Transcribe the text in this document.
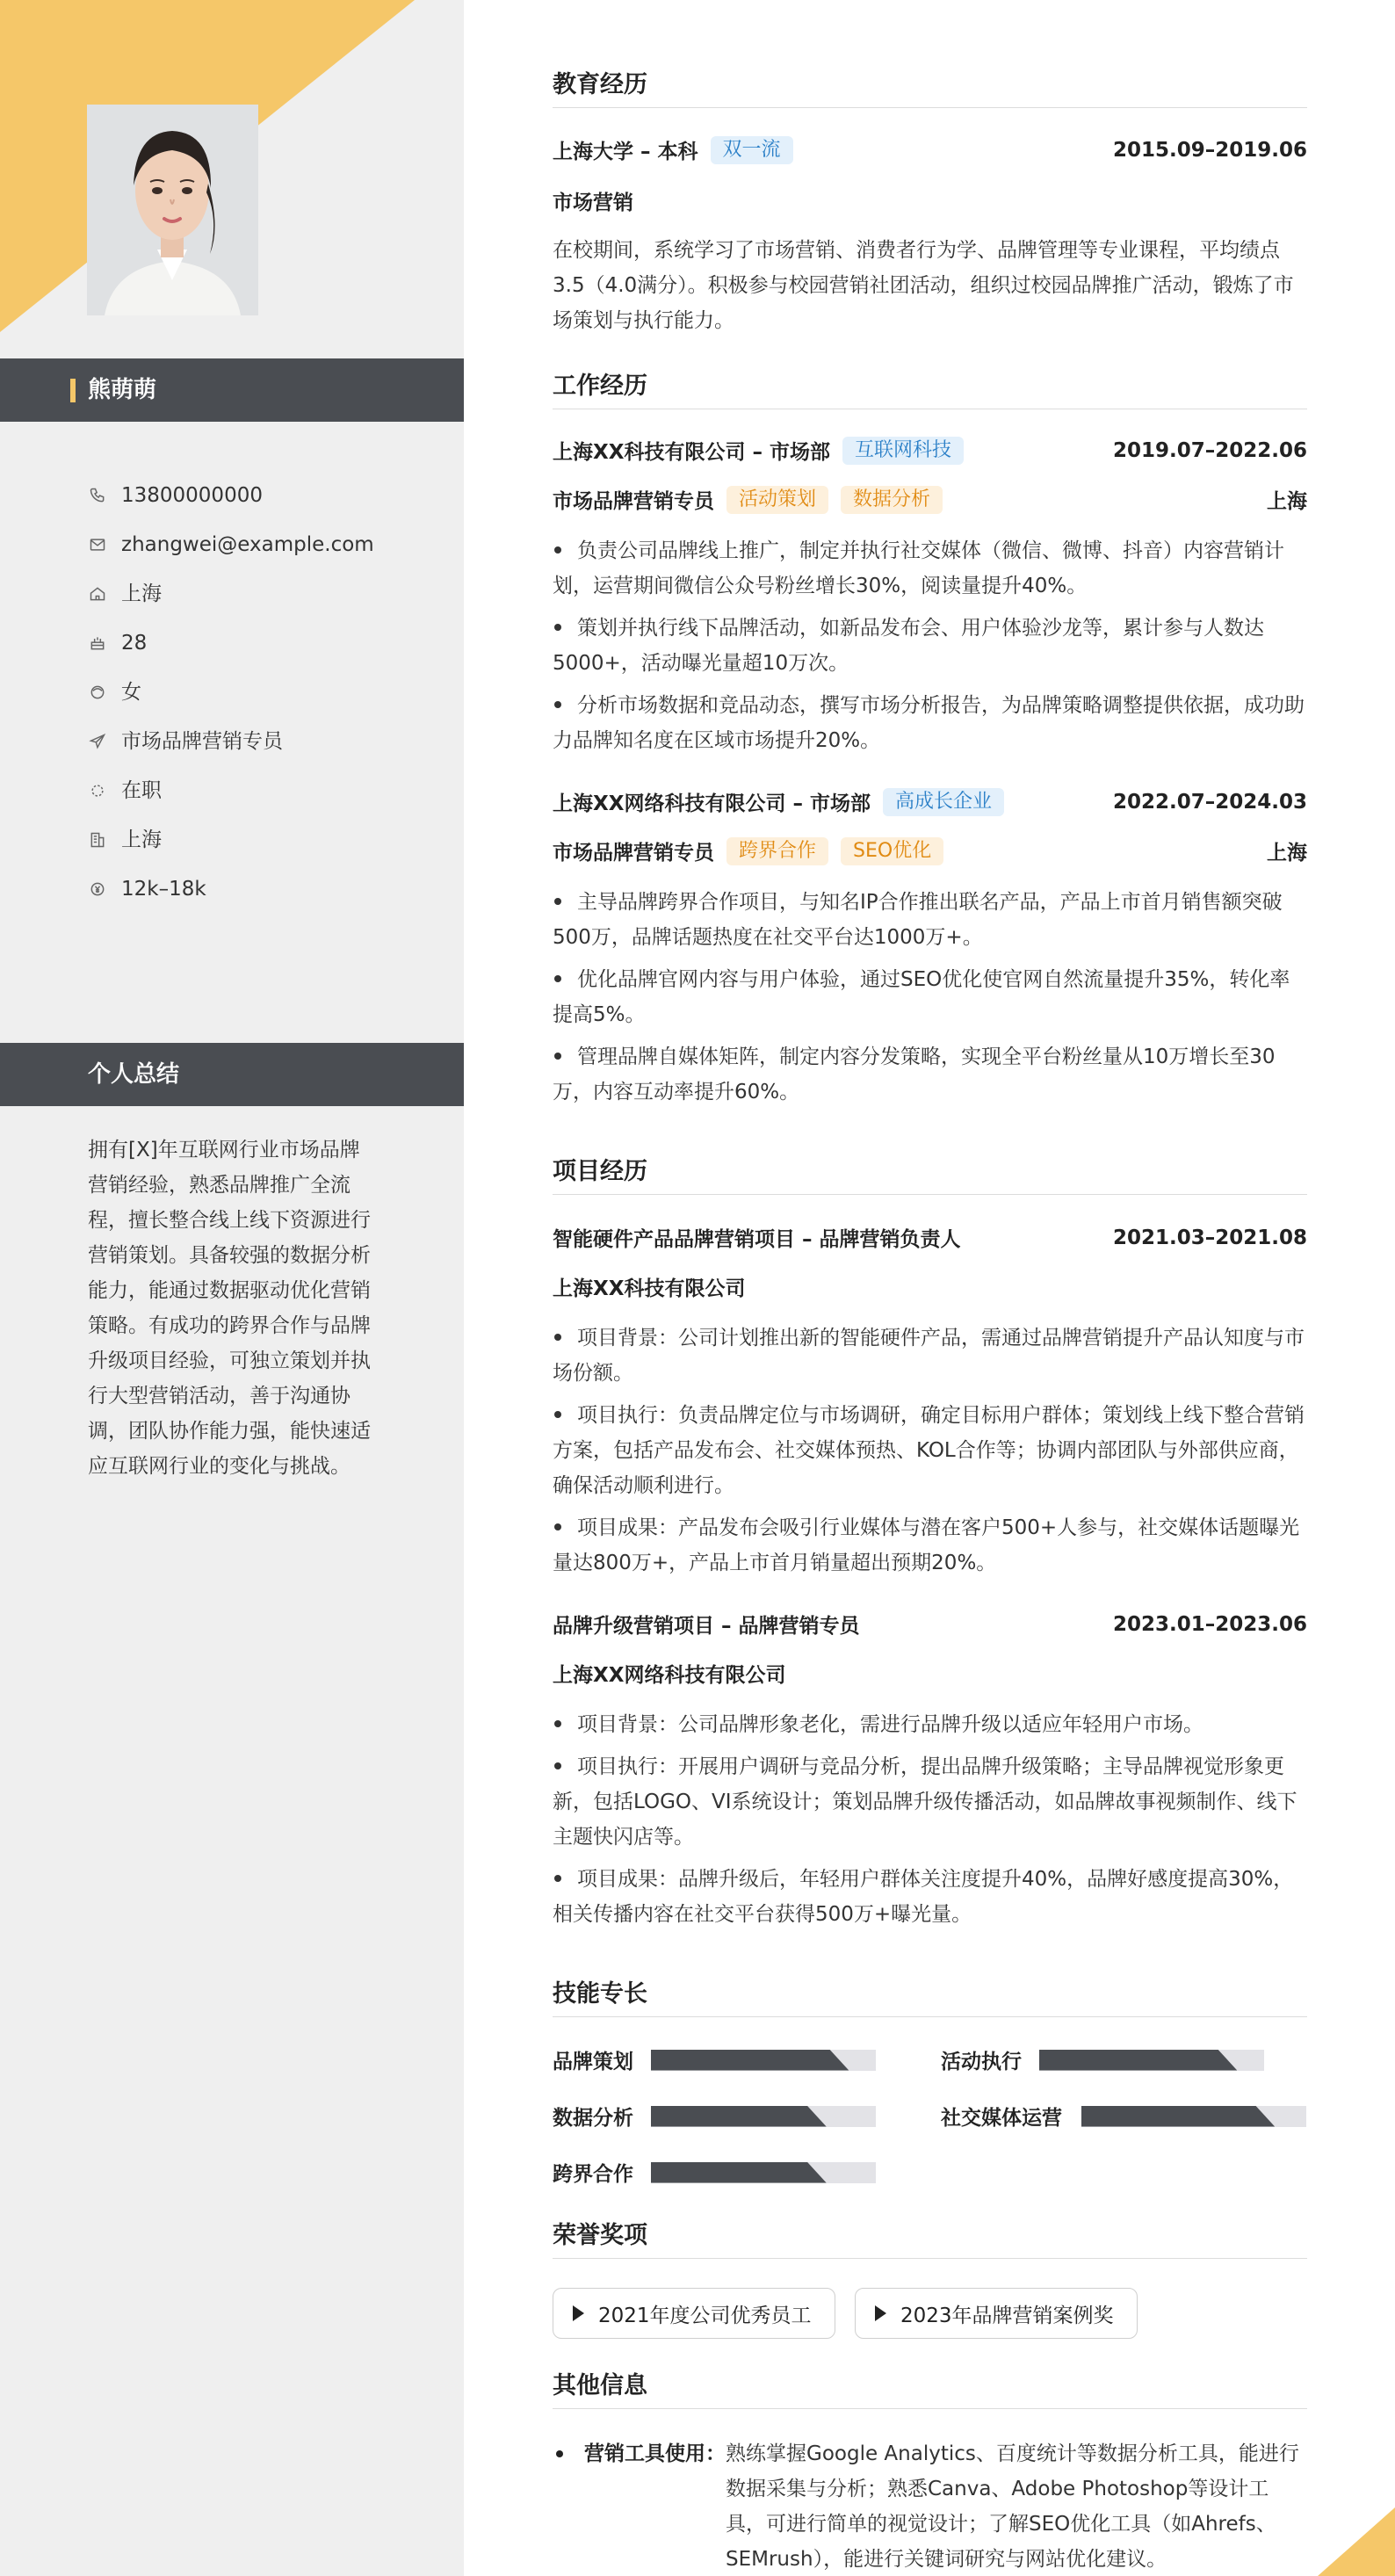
熊萌萌
13800000000
zhangwei@example.com
上海
28
女
市场品牌营销专员
在职
上海
12k–18k
个人总结
拥有[X]年互联网行业市场品牌营销经验，熟悉品牌推广全流程，擅长整合线上线下资源进行营销策划。具备较强的数据分析能力，能通过数据驱动优化营销策略。有成功的跨界合作与品牌升级项目经验，可独立策划并执行大型营销活动，善于沟通协调，团队协作能力强，能快速适应互联网行业的变化与挑战。
教育经历
上海大学 – 本科	双一流	2015.09–2019.06
市场营销
在校期间，系统学习了市场营销、消费者行为学、品牌管理等专业课程，平均绩点3.5（4.0满分）。积极参与校园营销社团活动，组织过校园品牌推广活动，锻炼了市场策划与执行能力。
工作经历
上海XX科技有限公司 – 市场部	互联网科技	2019.07–2022.06
市场品牌营销专员	活动策划	数据分析	上海
负责公司品牌线上推广，制定并执行社交媒体（微信、微博、抖音）内容营销计划，运营期间微信公众号粉丝增长30%，阅读量提升40%。
策划并执行线下品牌活动，如新品发布会、用户体验沙龙等，累计参与人数达5000+，活动曝光量超10万次。
分析市场数据和竞品动态，撰写市场分析报告，为品牌策略调整提供依据，成功助力品牌知名度在区域市场提升20%。
上海XX网络科技有限公司 – 市场部	高成长企业	2022.07–2024.03
市场品牌营销专员	跨界合作	SEO优化	上海
主导品牌跨界合作项目，与知名IP合作推出联名产品，产品上市首月销售额突破500万，品牌话题热度在社交平台达1000万+。
优化品牌官网内容与用户体验，通过SEO优化使官网自然流量提升35%，转化率提高5%。
管理品牌自媒体矩阵，制定内容分发策略，实现全平台粉丝量从10万增长至30万，内容互动率提升60%。
项目经历
智能硬件产品品牌营销项目 – 品牌营销负责人	2021.03–2021.08
上海XX科技有限公司
项目背景：公司计划推出新的智能硬件产品，需通过品牌营销提升产品认知度与市场份额。
项目执行：负责品牌定位与市场调研，确定目标用户群体；策划线上线下整合营销方案，包括产品发布会、社交媒体预热、KOL合作等；协调内部团队与外部供应商，确保活动顺利进行。
项目成果：产品发布会吸引行业媒体与潜在客户500+人参与，社交媒体话题曝光量达800万+，产品上市首月销量超出预期20%。
品牌升级营销项目 – 品牌营销专员	2023.01–2023.06
上海XX网络科技有限公司
项目背景：公司品牌形象老化，需进行品牌升级以适应年轻用户市场。
项目执行：开展用户调研与竞品分析，提出品牌升级策略；主导品牌视觉形象更新，包括LOGO、VI系统设计；策划品牌升级传播活动，如品牌故事视频制作、线下主题快闪店等。
项目成果：品牌升级后，年轻用户群体关注度提升40%，品牌好感度提高30%，相关传播内容在社交平台获得500万+曝光量。
技能专长
品牌策划	活动执行
数据分析	社交媒体运营
跨界合作
荣誉奖项
2021年度公司优秀员工	2023年品牌营销案例奖
其他信息
营销工具使用： 熟练掌握Google Analytics、百度统计等数据分析工具，能进行数据采集与分析；熟悉Canva、Adobe Photoshop等设计工具，可进行简单的视觉设计；了解SEO优化工具（如Ahrefs、SEMrush），能进行关键词研究与网站优化建议。
